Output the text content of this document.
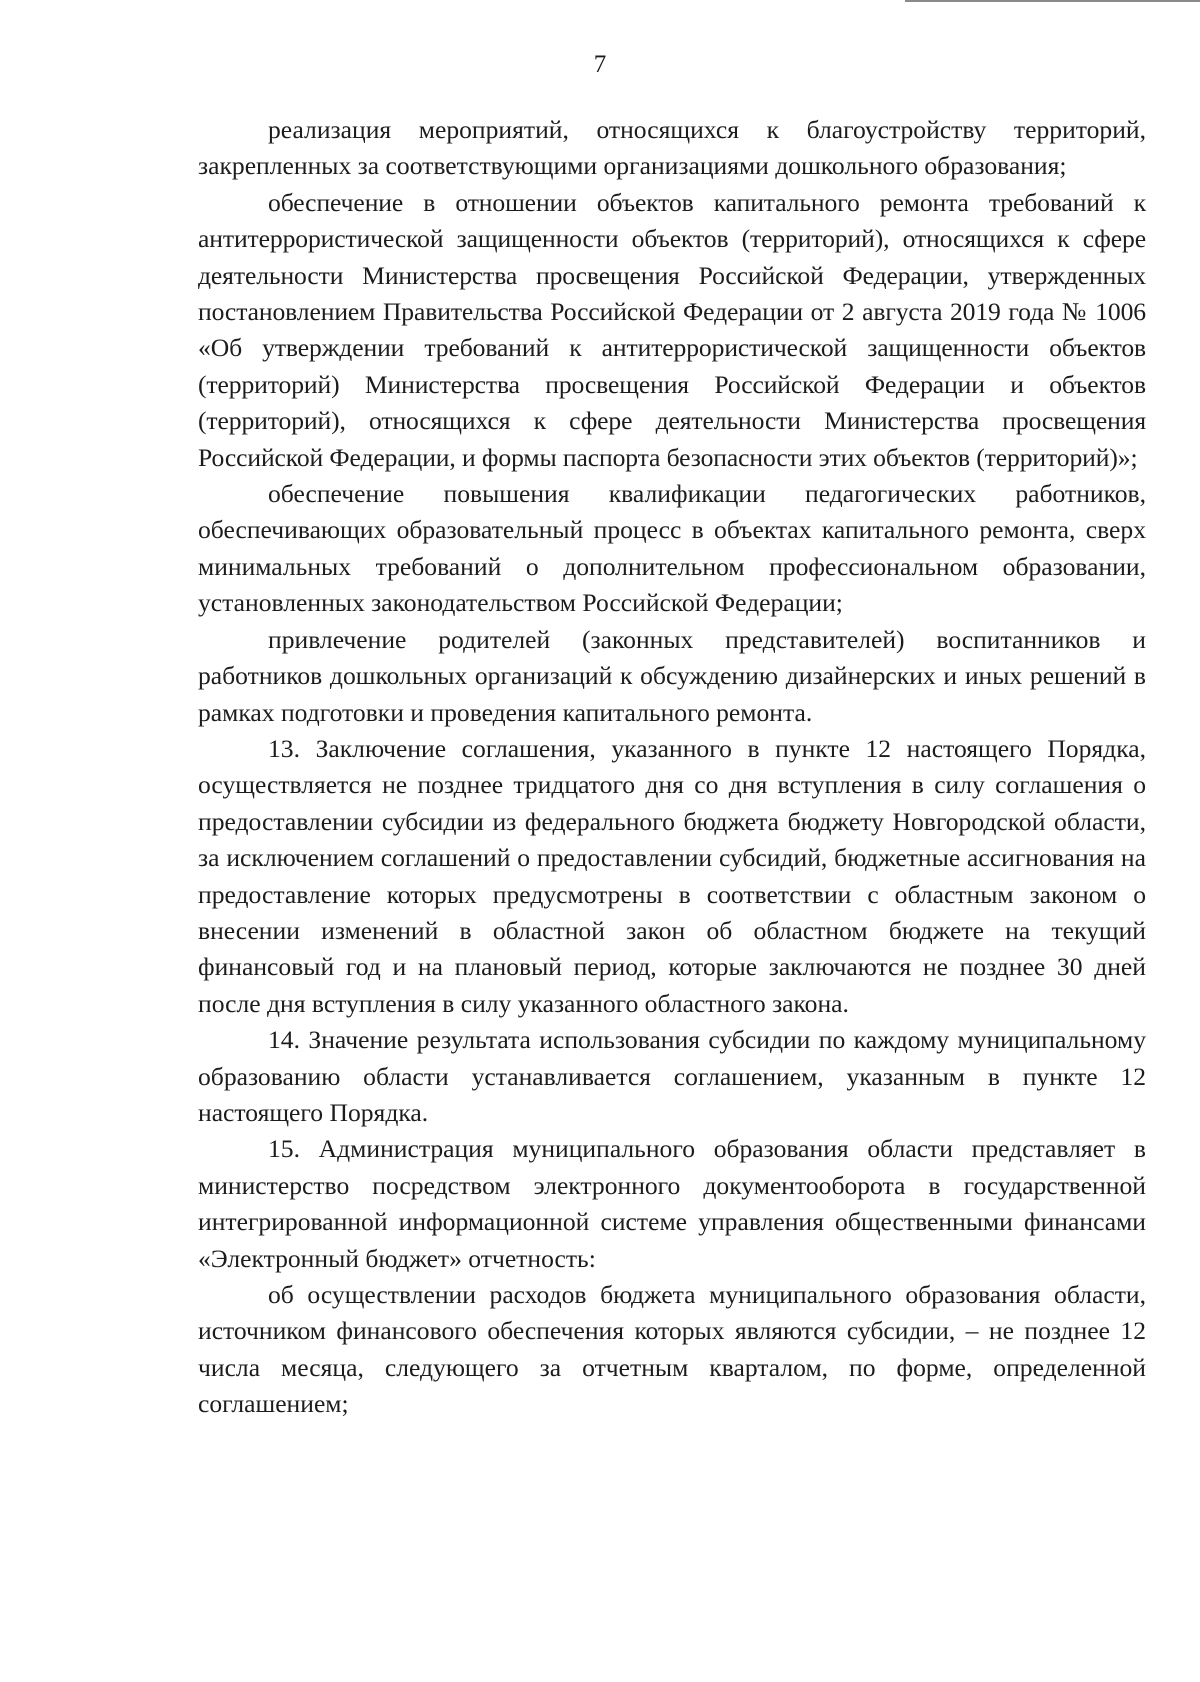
7

реализация мероприятий, относящихся к благоустройству территорий, закрепленных за соответствующими организациями дошкольного образования;

обеспечение в отношении объектов капитального ремонта требований к антитеррористической защищенности объектов (территорий), относящихся к сфере деятельности Министерства просвещения Российской Федерации, утвержденных постановлением Правительства Российской Федерации от 2 августа 2019 года № 1006 «Об утверждении требований к антитеррористической защищенности объектов (территорий) Министерства просвещения Российской Федерации и объектов (территорий), относящихся к сфере деятельности Министерства просвещения Российской Федерации, и формы паспорта безопасности этих объектов (территорий)»;

обеспечение повышения квалификации педагогических работников, обеспечивающих образовательный процесс в объектах капитального ремонта, сверх минимальных требований о дополнительном профессиональном образовании, установленных законодательством Российской Федерации;

привлечение родителей (законных представителей) воспитанников и работников дошкольных организаций к обсуждению дизайнерских и иных решений в рамках подготовки и проведения капитального ремонта.

13. Заключение соглашения, указанного в пункте 12 настоящего Порядка, осуществляется не позднее тридцатого дня со дня вступления в силу соглашения о предоставлении субсидии из федерального бюджета бюджету Новгородской области, за исключением соглашений о предоставлении субсидий, бюджетные ассигнования на предоставление которых предусмотрены в соответствии с областным законом о внесении изменений в областной закон об областном бюджете на текущий финансовый год и на плановый период, которые заключаются не позднее 30 дней после дня вступления в силу указанного областного закона.

14. Значение результата использования субсидии по каждому муниципальному образованию области устанавливается соглашением, указанным в пункте 12 настоящего Порядка.

15. Администрация муниципального образования области представляет в министерство посредством электронного документооборота в государственной интегрированной информационной системе управления общественными финансами «Электронный бюджет» отчетность:

об осуществлении расходов бюджета муниципального образования области, источником финансового обеспечения которых являются субсидии, – не позднее 12 числа месяца, следующего за отчетным кварталом, по форме, определенной соглашением;
